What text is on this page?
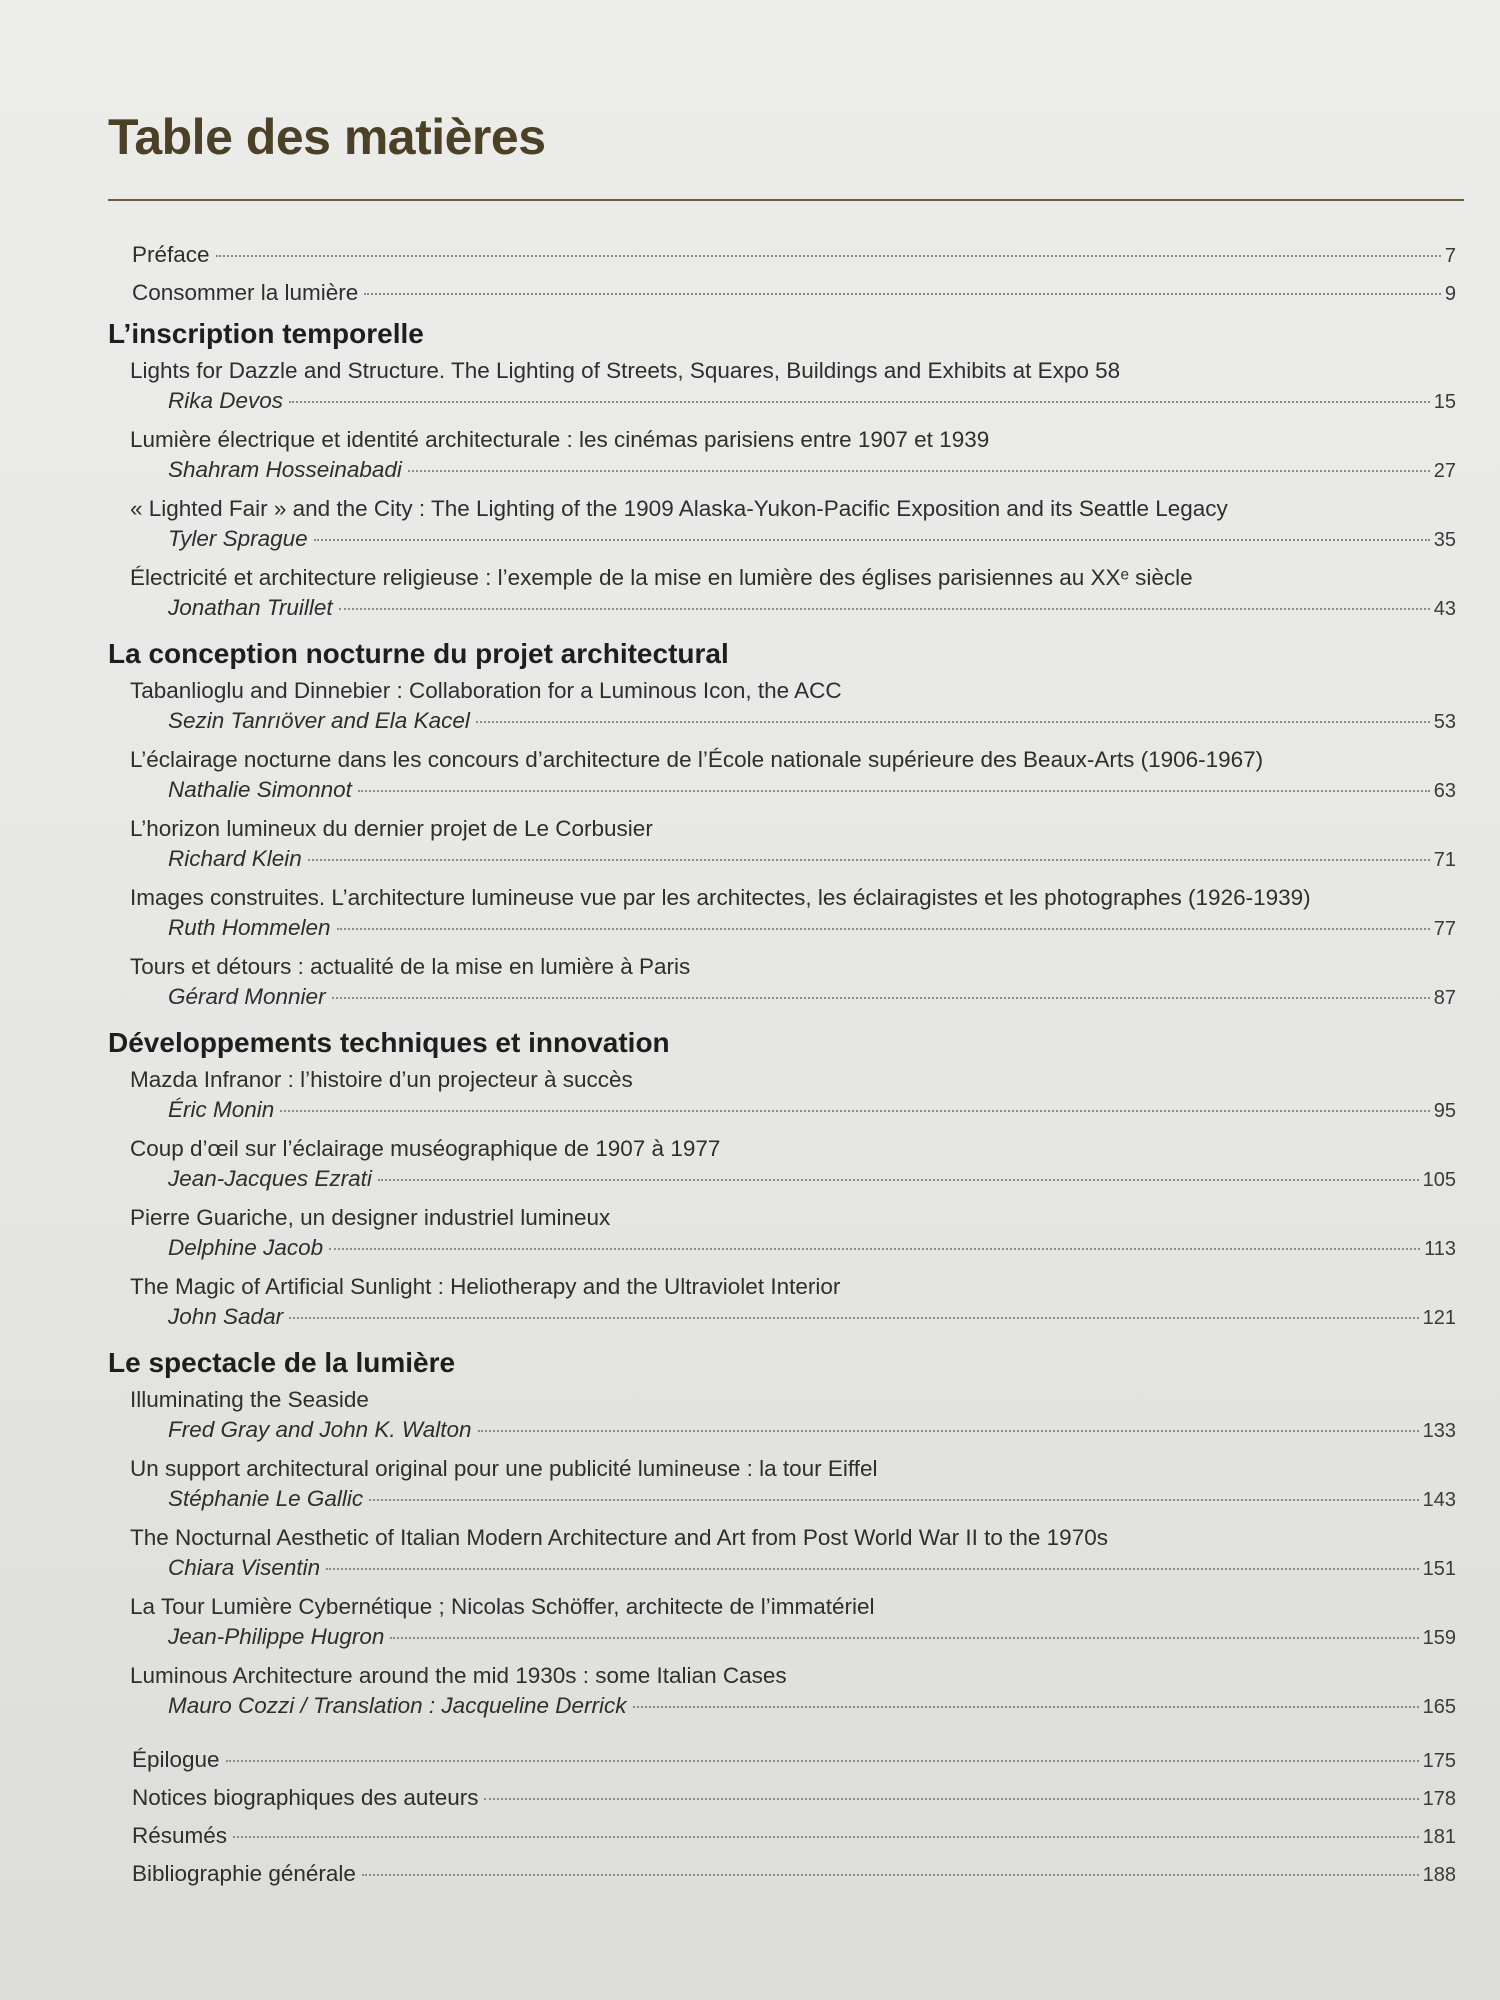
Table des matières
Préface	7
Consommer la lumière	9
L’inscription temporelle
Lights for Dazzle and Structure. The Lighting of Streets, Squares, Buildings and Exhibits at Expo 58
Rika Devos	15
Lumière électrique et identité architecturale : les cinémas parisiens entre 1907 et 1939
Shahram Hosseinabadi	27
« Lighted Fair » and the City : The Lighting of the 1909 Alaska-Yukon-Pacific Exposition and its Seattle Legacy
Tyler Sprague	35
Électricité et architecture religieuse : l’exemple de la mise en lumière des églises parisiennes au XXᵉ siècle
Jonathan Truillet	43
La conception nocturne du projet architectural
Tabanlioglu and Dinnebier : Collaboration for a Luminous Icon, the ACC
Sezin Tanrıöver and Ela Kacel	53
L’éclairage nocturne dans les concours d’architecture de l’École nationale supérieure des Beaux-Arts (1906-1967)
Nathalie Simonnot	63
L’horizon lumineux du dernier projet de Le Corbusier
Richard Klein	71
Images construites. L’architecture lumineuse vue par les architectes, les éclairagistes et les photographes (1926-1939)
Ruth Hommelen	77
Tours et détours : actualité de la mise en lumière à Paris
Gérard Monnier	87
Développements techniques et innovation
Mazda Infranor : l’histoire d’un projecteur à succès
Éric Monin	95
Coup d’œil sur l’éclairage muséographique de 1907 à 1977
Jean-Jacques Ezrati	105
Pierre Guariche, un designer industriel lumineux
Delphine Jacob	113
The Magic of Artificial Sunlight : Heliotherapy and the Ultraviolet Interior
John Sadar	121
Le spectacle de la lumière
Illuminating the Seaside
Fred Gray and John K. Walton	133
Un support architectural original pour une publicité lumineuse : la tour Eiffel
Stéphanie Le Gallic	143
The Nocturnal Aesthetic of Italian Modern Architecture and Art from Post World War II to the 1970s
Chiara Visentin	151
La Tour Lumière Cybernétique ; Nicolas Schöffer, architecte de l’immatériel
Jean-Philippe Hugron	159
Luminous Architecture around the mid 1930s : some Italian Cases
Mauro Cozzi / Translation : Jacqueline Derrick	165
Épilogue	175
Notices biographiques des auteurs	178
Résumés	181
Bibliographie générale	188
